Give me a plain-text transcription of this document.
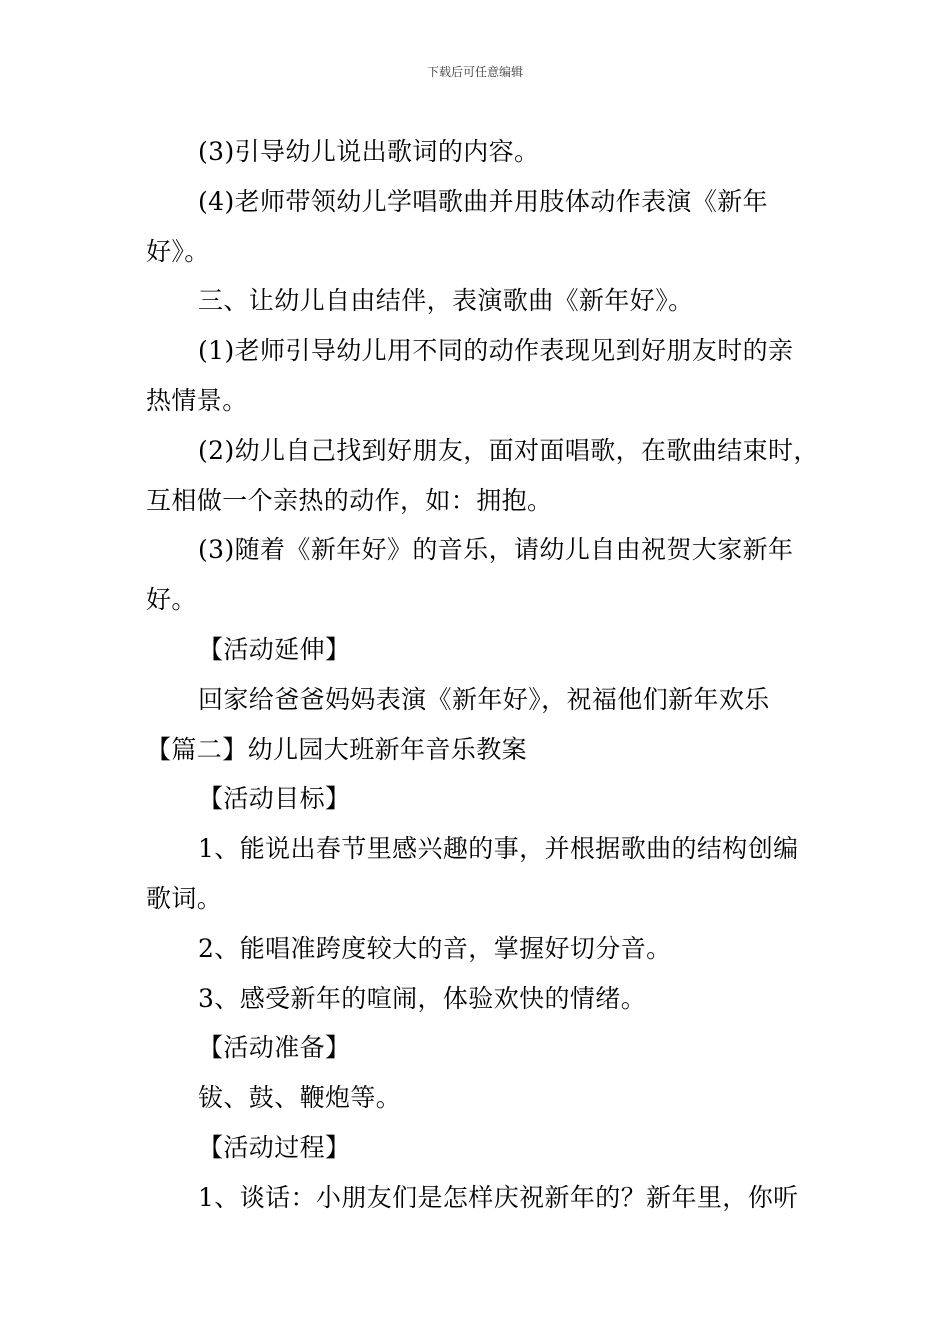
下载后可任意编辑

(3)引导幼儿说出歌词的内容。

(4)老师带领幼儿学唱歌曲并用肢体动作表演《新年

好》。

三、让幼儿自由结伴，表演歌曲《新年好》。

(1)老师引导幼儿用不同的动作表现见到好朋友时的亲

热情景。

(2)幼儿自己找到好朋友，面对面唱歌，在歌曲结束时，

互相做一个亲热的动作，如：拥抱。

(3)随着《新年好》的音乐，请幼儿自由祝贺大家新年

好。

【活动延伸】

回家给爸爸妈妈表演《新年好》，祝福他们新年欢乐

【篇二】幼儿园大班新年音乐教案

【活动目标】

1、能说出春节里感兴趣的事，并根据歌曲的结构创编

歌词。

2、能唱准跨度较大的音，掌握好切分音。

3、感受新年的喧闹，体验欢快的情绪。

【活动准备】

钹、鼓、鞭炮等。

【活动过程】

1、谈话：小朋友们是怎样庆祝新年的？新年里，你听
